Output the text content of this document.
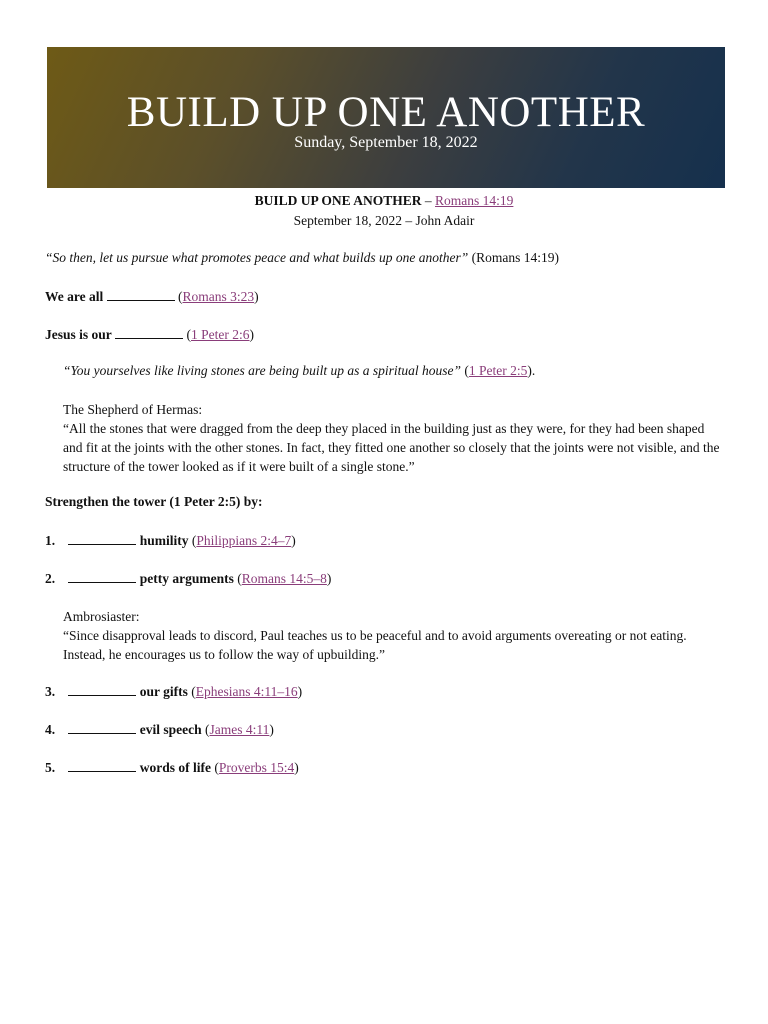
BUILD UP ONE ANOTHER
Sunday, September 18, 2022
BUILD UP ONE ANOTHER – Romans 14:19
September 18, 2022 – John Adair
“So then, let us pursue what promotes peace and what builds up one another” (Romans 14:19)
We are all	(Romans 3:23)
Jesus is our	(1 Peter 2:6)
“You yourselves like living stones are being built up as a spiritual house” (1 Peter 2:5).
The Shepherd of Hermas:
“All the stones that were dragged from the deep they placed in the building just as they were, for they had been shaped and fit at the joints with the other stones. In fact, they fitted one another so closely that the joints were not visible, and the structure of the tower looked as if it were built of a single stone.”
Strengthen the tower (1 Peter 2:5) by:
1.	humility (Philippians 2:4–7)
2.	petty arguments (Romans 14:5–8)
Ambrosiaster:
“Since disapproval leads to discord, Paul teaches us to be peaceful and to avoid arguments overeating or not eating. Instead, he encourages us to follow the way of upbuilding.”
3.	our gifts (Ephesians 4:11–16)
4.	evil speech (James 4:11)
5.	words of life (Proverbs 15:4)
